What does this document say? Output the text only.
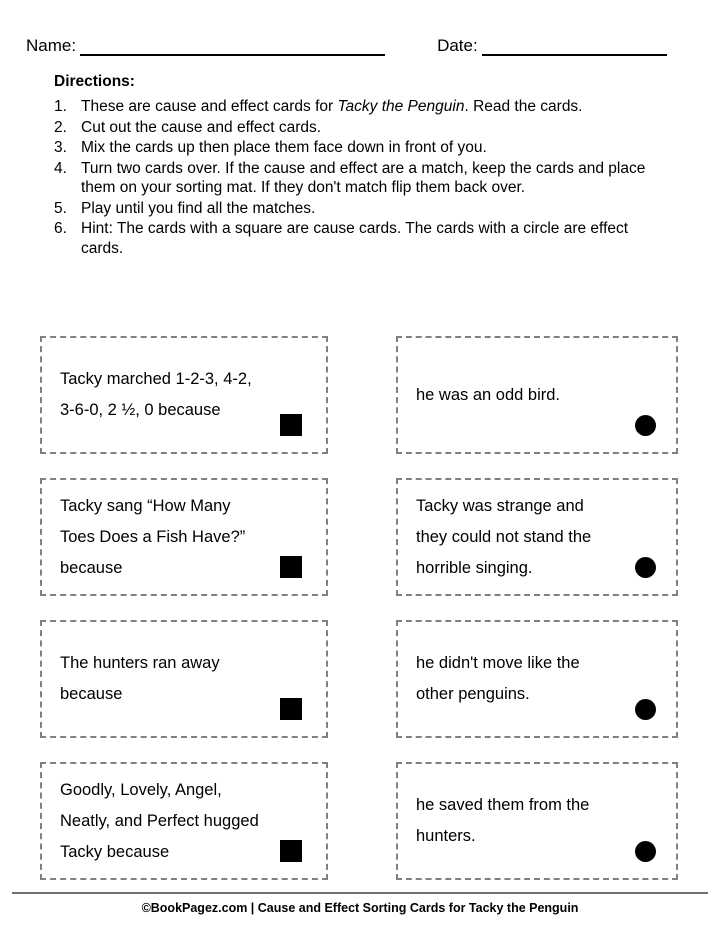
Name:	Date:
Directions:
1. These are cause and effect cards for Tacky the Penguin. Read the cards.
2. Cut out the cause and effect cards.
3. Mix the cards up then place them face down in front of you.
4. Turn two cards over. If the cause and effect are a match, keep the cards and place them on your sorting mat. If they don't match flip them back over.
5. Play until you find all the matches.
6. Hint: The cards with a square are cause cards. The cards with a circle are effect cards.
Tacky marched 1-2-3, 4-2,
3-6-0, 2 ½, 0 because
he was an odd bird.
Tacky sang “How Many
Toes Does a Fish Have?”
because
Tacky was strange and
they could not stand the
horrible singing.
The hunters ran away
because
he didn't move like the
other penguins.
Goodly, Lovely, Angel,
Neatly, and Perfect hugged
Tacky because
he saved them from the
hunters.
©BookPagez.com | Cause and Effect Sorting Cards for Tacky the Penguin
